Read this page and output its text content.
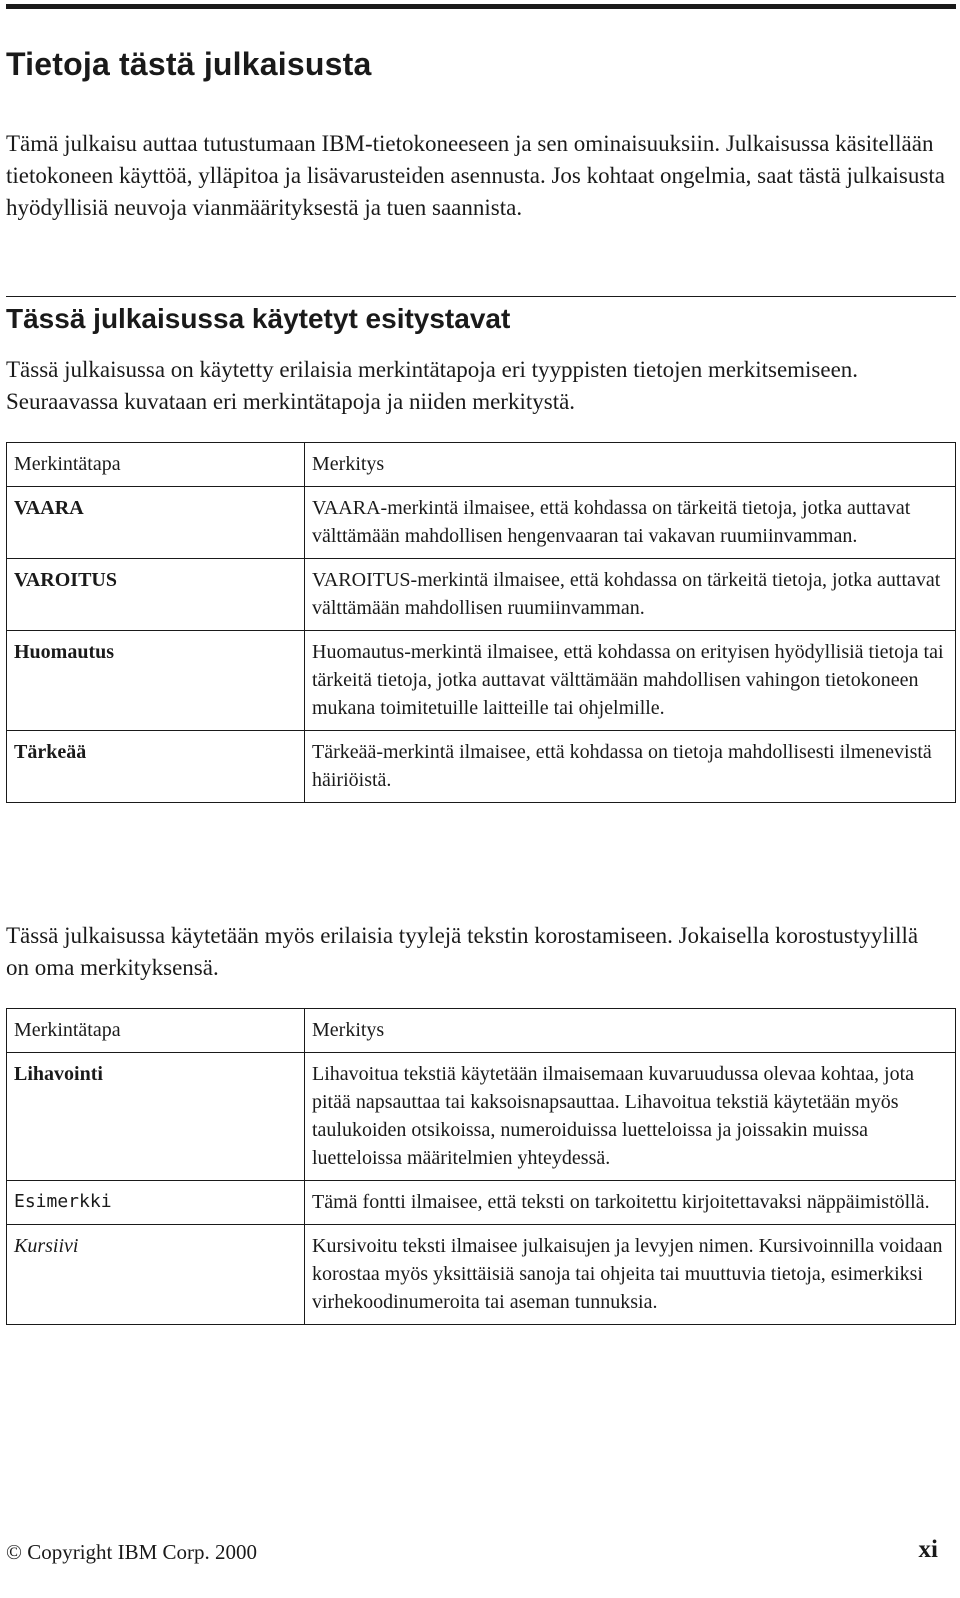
Tietoja tästä julkaisusta

Tämä julkaisu auttaa tutustumaan IBM-tietokoneeseen ja sen ominaisuuksiin. Julkaisussa käsitellään tietokoneen käyttöä, ylläpitoa ja lisävarusteiden asennusta. Jos kohtaat ongelmia, saat tästä julkaisusta hyödyllisiä neuvoja vianmäärityksestä ja tuen saannista.

Tässä julkaisussa käytetyt esitystavat

Tässä julkaisussa on käytetty erilaisia merkintätapoja eri tyyppisten tietojen merkitsemiseen. Seuraavassa kuvataan eri merkintätapoja ja niiden merkitystä.

Merkintätapa	Merkitys
VAARA	VAARA-merkintä ilmaisee, että kohdassa on tärkeitä tietoja, jotka auttavat välttämään mahdollisen hengenvaaran tai vakavan ruumiinvamman.
VAROITUS	VAROITUS-merkintä ilmaisee, että kohdassa on tärkeitä tietoja, jotka auttavat välttämään mahdollisen ruumiinvamman.
Huomautus	Huomautus-merkintä ilmaisee, että kohdassa on erityisen hyödyllisiä tietoja tai tärkeitä tietoja, jotka auttavat välttämään mahdollisen vahingon tietokoneen mukana toimitetuille laitteille tai ohjelmille.
Tärkeää	Tärkeää-merkintä ilmaisee, että kohdassa on tietoja mahdollisesti ilmenevistä häiriöistä.

Tässä julkaisussa käytetään myös erilaisia tyylejä tekstin korostamiseen. Jokaisella korostustyylillä on oma merkityksensä.

Merkintätapa	Merkitys
Lihavointi	Lihavoitua tekstiä käytetään ilmaisemaan kuvaruudussa olevaa kohtaa, jota pitää napsauttaa tai kaksoisnapsauttaa. Lihavoitua tekstiä käytetään myös taulukoiden otsikoissa, numeroiduissa luetteloissa ja joissakin muissa luetteloissa määritelmien yhteydessä.
Esimerkki	Tämä fontti ilmaisee, että teksti on tarkoitettu kirjoitettavaksi näppäimistöllä.
Kursiivi	Kursivoitu teksti ilmaisee julkaisujen ja levyjen nimen. Kursivoinnilla voidaan korostaa myös yksittäisiä sanoja tai ohjeita tai muuttuvia tietoja, esimerkiksi virhekoodinumeroita tai aseman tunnuksia.
© Copyright IBM Corp. 2000	xi
